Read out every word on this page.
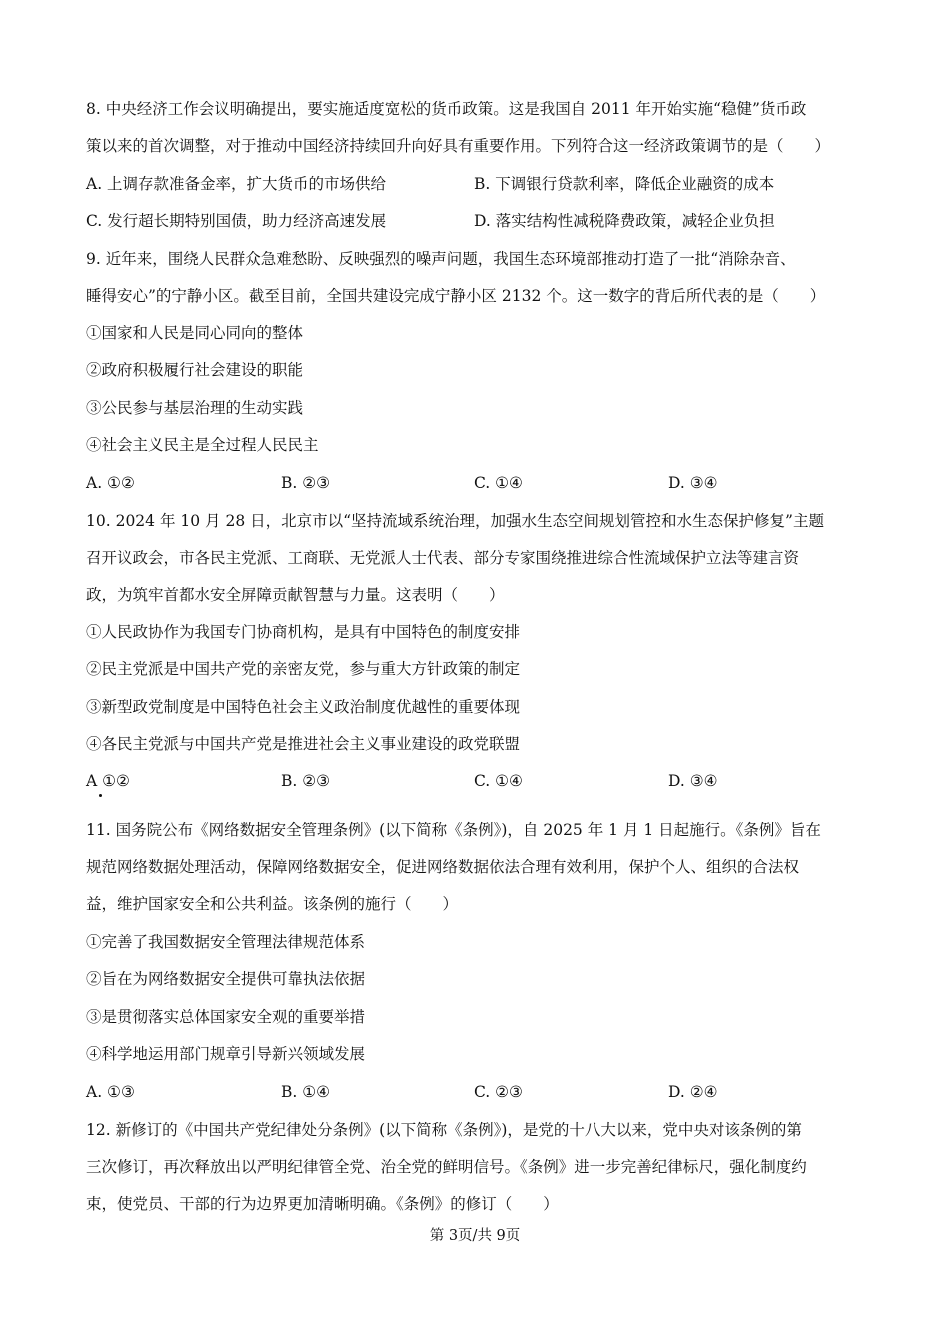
8. 中央经济工作会议明确提出，要实施适度宽松的货币政策。这是我国自 2011 年开始实施“稳健”货币政
策以来的首次调整，对于推动中国经济持续回升向好具有重要作用。下列符合这一经济政策调节的是（　　）
A. 上调存款准备金率，扩大货币的市场供给	B. 下调银行贷款利率，降低企业融资的成本
C. 发行超长期特别国债，助力经济高速发展	D. 落实结构性减税降费政策，减轻企业负担
9. 近年来，围绕人民群众急难愁盼、反映强烈的噪声问题，我国生态环境部推动打造了一批“消除杂音、
睡得安心”的宁静小区。截至目前，全国共建设完成宁静小区 2132 个。这一数字的背后所代表的是（　　）
①国家和人民是同心同向的整体
②政府积极履行社会建设的职能
③公民参与基层治理的生动实践
④社会主义民主是全过程人民民主
A. ①②	B. ②③	C. ①④	D. ③④
10. 2024 年 10 月 28 日，北京市以“坚持流域系统治理，加强水生态空间规划管控和水生态保护修复”主题
召开议政会，市各民主党派、工商联、无党派人士代表、部分专家围绕推进综合性流域保护立法等建言资
政，为筑牢首都水安全屏障贡献智慧与力量。这表明（　　）
①人民政协作为我国专门协商机构，是具有中国特色的制度安排
②民主党派是中国共产党的亲密友党，参与重大方针政策的制定
③新型政党制度是中国特色社会主义政治制度优越性的重要体现
④各民主党派与中国共产党是推进社会主义事业建设的政党联盟
A ①②	B. ②③	C. ①④	D. ③④
11. 国务院公布《网络数据安全管理条例》(以下简称《条例》)，自 2025 年 1 月 1 日起施行。《条例》旨在
规范网络数据处理活动，保障网络数据安全，促进网络数据依法合理有效利用，保护个人、组织的合法权
益，维护国家安全和公共利益。该条例的施行（　　）
①完善了我国数据安全管理法律规范体系
②旨在为网络数据安全提供可靠执法依据
③是贯彻落实总体国家安全观的重要举措
④科学地运用部门规章引导新兴领域发展
A. ①③	B. ①④	C. ②③	D. ②④
12. 新修订的《中国共产党纪律处分条例》(以下简称《条例》)，是党的十八大以来，党中央对该条例的第
三次修订，再次释放出以严明纪律管全党、治全党的鲜明信号。《条例》进一步完善纪律标尺，强化制度约
束，使党员、干部的行为边界更加清晰明确。《条例》的修订（　　）
第 3页/共 9页
